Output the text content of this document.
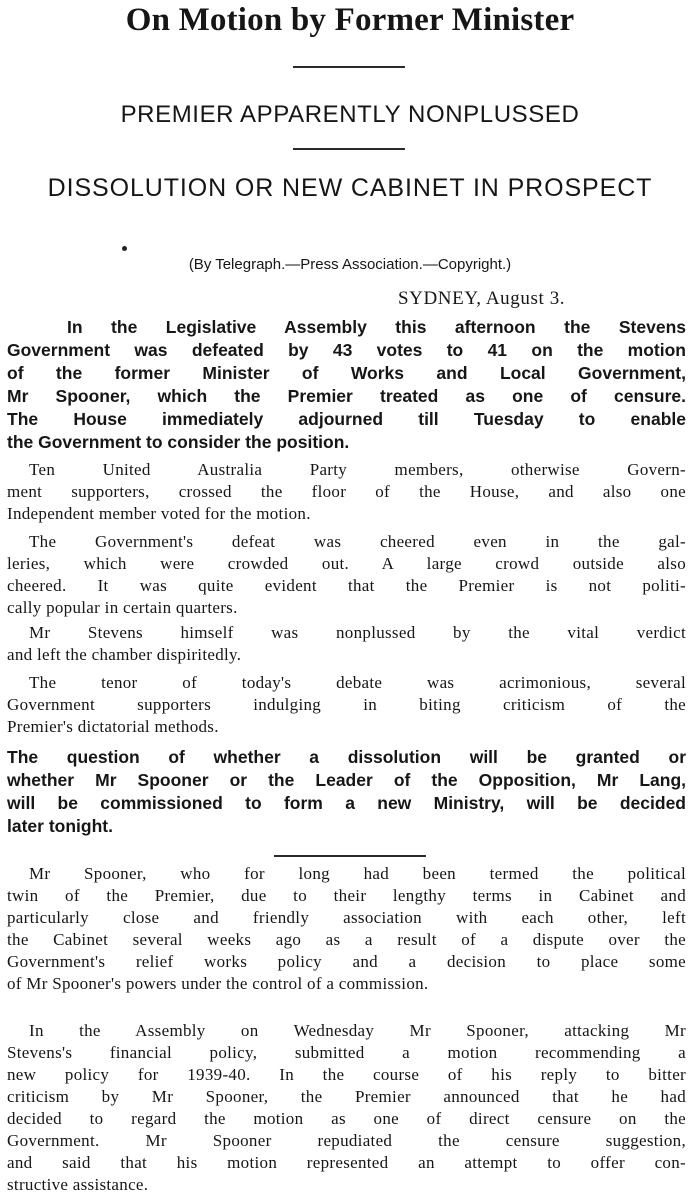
On Motion by Former Minister
PREMIER APPARENTLY NONPLUSSED
DISSOLUTION OR NEW CABINET IN PROSPECT

(By Telegraph.—Press Association.—Copyright.)

SYDNEY, August 3.

In the Legislative Assembly this afternoon the Stevens
Government was defeated by 43 votes to 41 on the motion
of the former Minister of Works and Local Government,
Mr Spooner, which the Premier treated as one of censure.
The House immediately adjourned till Tuesday to enable
the Government to consider the position.
Ten United Australia Party members, otherwise Govern-
ment supporters, crossed the floor of the House, and also one
Independent member voted for the motion.
The Government's defeat was cheered even in the gal-
leries, which were crowded out. A large crowd outside also
cheered. It was quite evident that the Premier is not politi-
cally popular in certain quarters.
Mr Stevens himself was nonplussed by the vital verdict
and left the chamber dispiritedly.
The tenor of today's debate was acrimonious, several
Government supporters indulging in biting criticism of the
Premier's dictatorial methods.
The question of whether a dissolution will be granted or
whether Mr Spooner or the Leader of the Opposition, Mr Lang,
will be commissioned to form a new Ministry, will be decided
later tonight.
Mr Spooner, who for long had been termed the political
twin of the Premier, due to their lengthy terms in Cabinet and
particularly close and friendly association with each other, left
the Cabinet several weeks ago as a result of a dispute over the
Government's relief works policy and a decision to place some
of Mr Spooner's powers under the control of a commission.
In the Assembly on Wednesday Mr Spooner, attacking Mr
Stevens's financial policy, submitted a motion recommending a
new policy for 1939-40. In the course of his reply to bitter
criticism by Mr Spooner, the Premier announced that he had
decided to regard the motion as one of direct censure on the
Government. Mr Spooner repudiated the censure suggestion,
and said that his motion represented an attempt to offer con-
structive assistance.
